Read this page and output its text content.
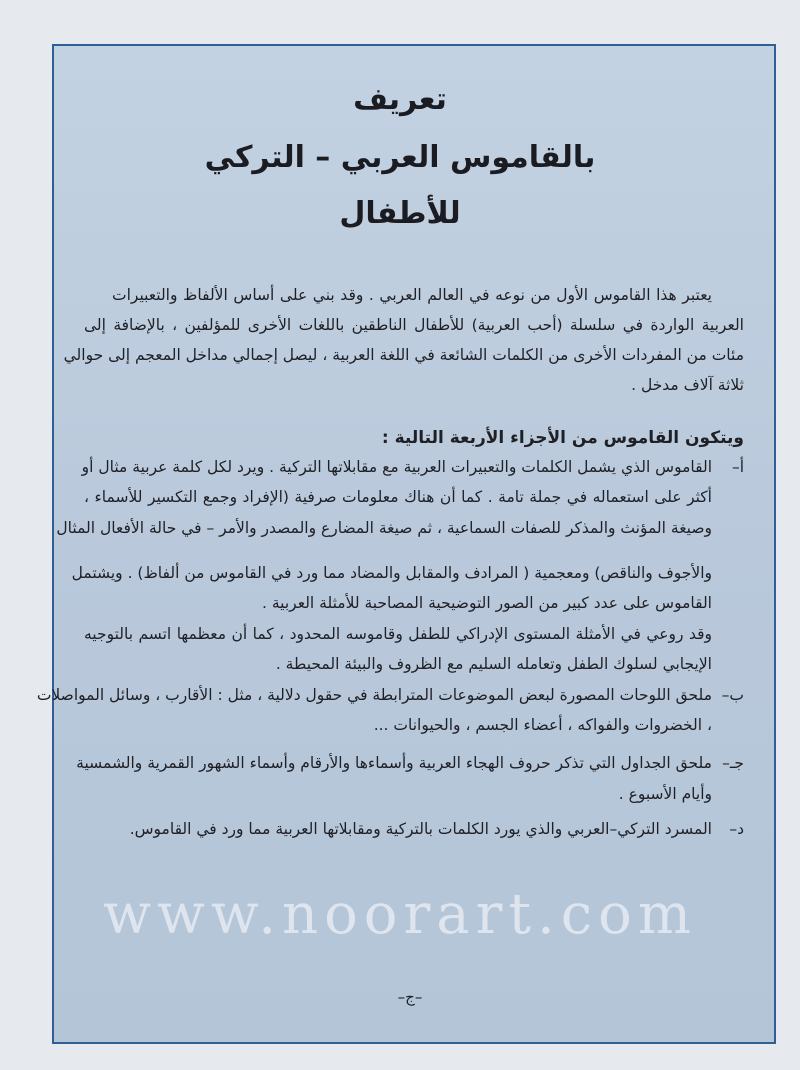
تعريف
بالقاموس العربي – التركي
للأطفال
يعتبر هذا القاموس الأول من نوعه في العالم العربي . وقد بني على أساس الألفاظ والتعبيرات
العربية الواردة في سلسلة (أحب العربية) للأطفال الناطقين باللغات الأخرى للمؤلفين ، بالإضافة إلى
مئات من المفردات الأخرى من الكلمات الشائعة في اللغة العربية ، ليصل إجمالي مداخل المعجم إلى حوالي
ثلاثة آلاف مدخل .
ويتكون القاموس من الأجزاء الأربعة التالية :
أ–
القاموس الذي يشمل الكلمات والتعبيرات العربية مع مقابلاتها التركية . ويرد لكل كلمة عربية مثال أو
أكثر على استعماله في جملة تامة . كما أن هناك معلومات صرفية (الإفراد وجمع التكسير للأسماء ،
وصيغة المؤنث والمذكر للصفات السماعية ، ثم صيغة المضارع والمصدر والأمر – في حالة الأفعال المثال
والأجوف والناقص) ومعجمية ( المرادف والمقابل والمضاد مما ورد في القاموس من ألفاظ) . ويشتمل
القاموس على عدد كبير من الصور التوضيحية المصاحبة للأمثلة العربية .
وقد روعي في الأمثلة المستوى الإدراكي للطفل وقاموسه المحدود ، كما أن معظمها اتسم بالتوجيه
الإيجابي لسلوك الطفل وتعامله السليم مع الظروف والبيئة المحيطة .
ب–
ملحق اللوحات المصورة لبعض الموضوعات المترابطة في حقول دلالية ، مثل : الأقارب ، وسائل المواصلات
، الخضروات والفواكه ، أعضاء الجسم ، والحيوانات ...
جـ–
ملحق الجداول التي تذكر حروف الهجاء العربية وأسماءها والأرقام وأسماء الشهور القمرية والشمسية
وأيام الأسبوع .
د–
المسرد التركي–العربي والذي يورد الكلمات بالتركية ومقابلاتها العربية مما ورد في القاموس.
www.noorart.com
–ج–
